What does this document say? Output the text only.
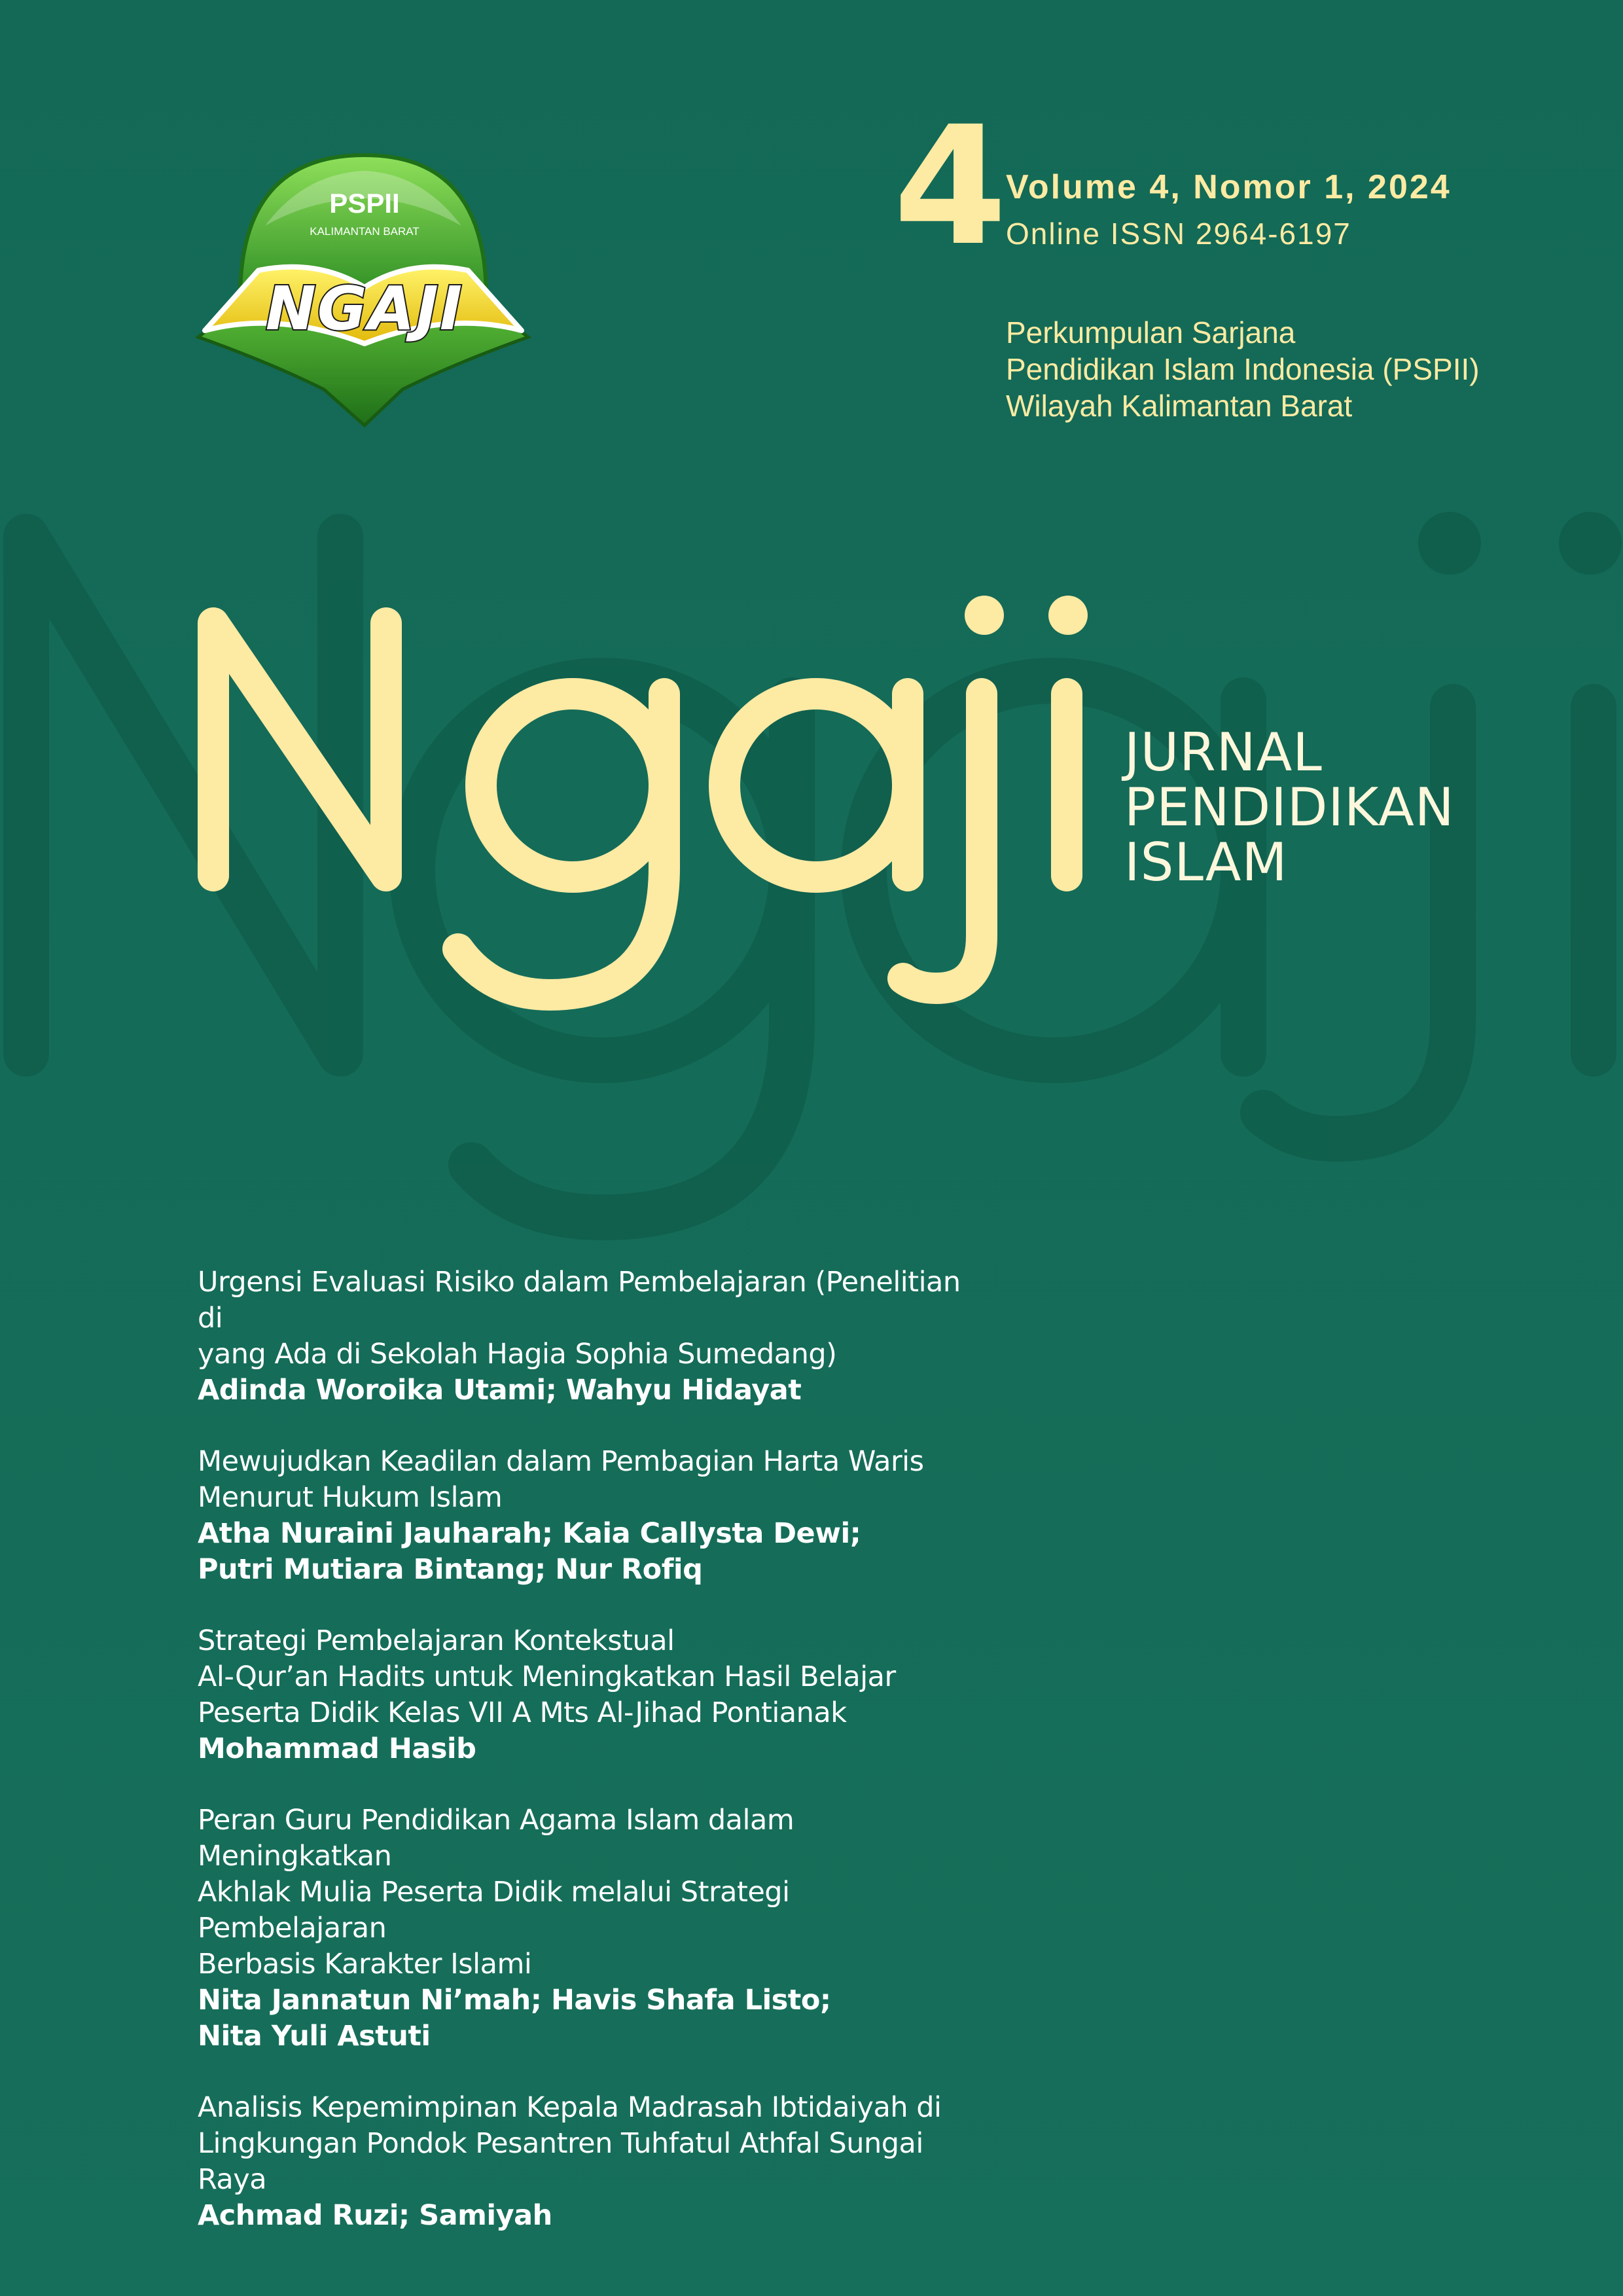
PSPII
KALIMANTAN BARAT
NGAJI
4 Volume 4, Nomor 1, 2024
Online ISSN 2964-6197
Perkumpulan Sarjana
Pendidikan Islam Indonesia (PSPII)
Wilayah Kalimantan Barat
JURNAL
PENDIDIKAN
ISLAM
Urgensi Evaluasi Risiko dalam Pembelajaran (Penelitian di
yang Ada di Sekolah Hagia Sophia Sumedang)
Adinda Woroika Utami; Wahyu Hidayat
Mewujudkan Keadilan dalam Pembagian Harta Waris
Menurut Hukum Islam
Atha Nuraini Jauharah; Kaia Callysta Dewi;
Putri Mutiara Bintang; Nur Rofiq
Strategi Pembelajaran Kontekstual
Al-Qur’an Hadits untuk Meningkatkan Hasil Belajar
Peserta Didik Kelas VII A Mts Al-Jihad Pontianak
Mohammad Hasib
Peran Guru Pendidikan Agama Islam dalam Meningkatkan
Akhlak Mulia Peserta Didik melalui Strategi Pembelajaran
Berbasis Karakter Islami
Nita Jannatun Ni’mah; Havis Shafa Listo;
Nita Yuli Astuti
Analisis Kepemimpinan Kepala Madrasah Ibtidaiyah di
Lingkungan Pondok Pesantren Tuhfatul Athfal Sungai
Raya
Achmad Ruzi; Samiyah
